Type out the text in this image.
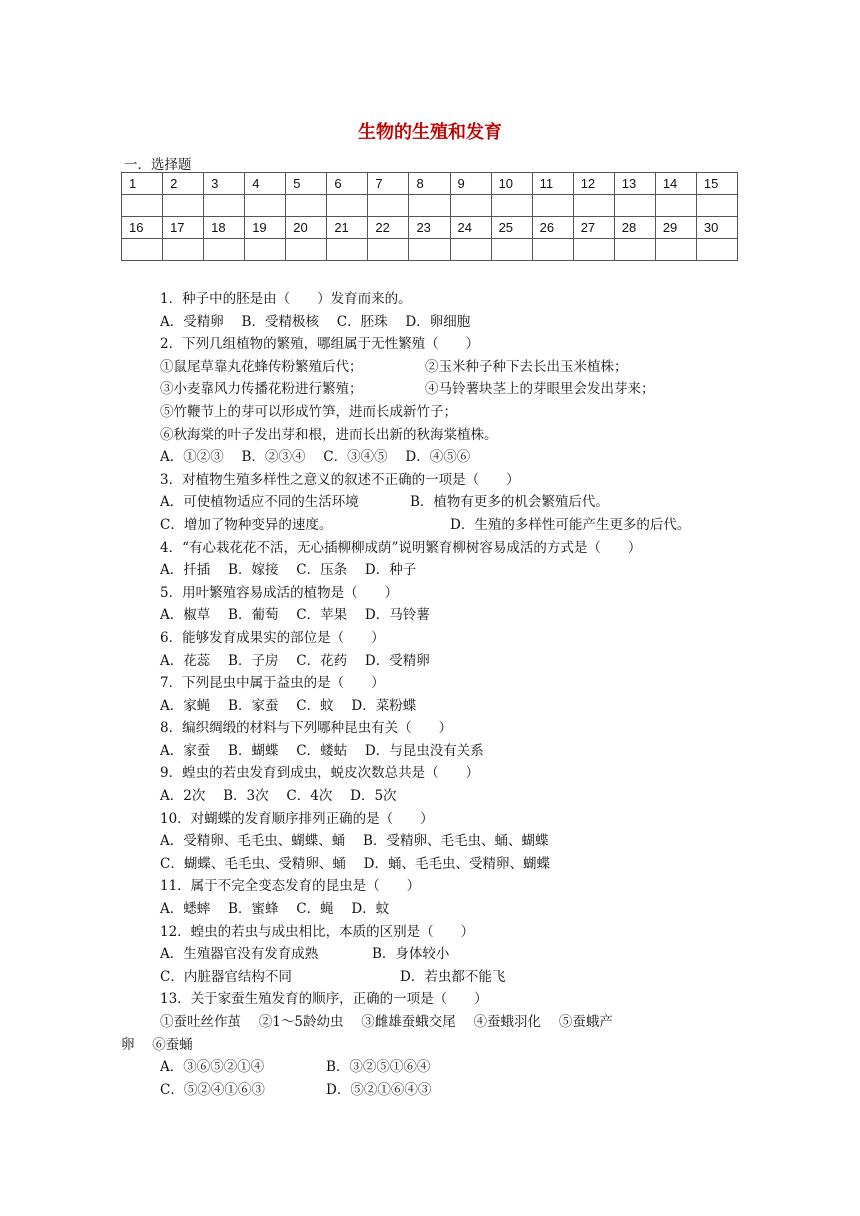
生物的生殖和发育
一．选择题
1	2	3	4	5	6	7	8	9	10	11	12	13	14	15

16	17	18	19	20	21	22	23	24	25	26	27	28	29	30

1．种子中的胚是由（　　）发育而来的。
A．受精卵　 B．受精极核　 C．胚珠　 D．卵细胞
2．下列几组植物的繁殖，哪组属于无性繁殖（　　）
①鼠尾草靠丸花蜂传粉繁殖后代；	②玉米种子种下去长出玉米植株；
③小麦靠风力传播花粉进行繁殖；	④马铃薯块茎上的芽眼里会发出芽来；
⑤竹鞭节上的芽可以形成竹笋，进而长成新竹子；
⑥秋海棠的叶子发出芽和根，进而长出新的秋海棠植株。
A．①②③　 B．②③④　 C．③④⑤　 D．④⑤⑥
3．对植物生殖多样性之意义的叙述不正确的一项是（　　）
A．可使植物适应不同的生活环境	B．植物有更多的机会繁殖后代。
C．增加了物种变异的速度。	D．生殖的多样性可能产生更多的后代。
4．“有心栽花花不活，无心插柳柳成荫”说明繁育柳树容易成活的方式是（　　）
A．扦插　 B．嫁接　 C．压条　 D．种子
5．用叶繁殖容易成活的植物是（　　）
A．椒草　 B．葡萄　 C．苹果　 D．马铃薯
6．能够发育成果实的部位是（　　）
A．花蕊　 B．子房　 C．花药　 D．受精卵
7．下列昆虫中属于益虫的是（　　）
A．家蝇　 B．家蚕　 C．蚊　 D．菜粉蝶
8．编织绸缎的材料与下列哪种昆虫有关（　　）
A．家蚕　 B．蝴蝶　 C．蝼蛄　 D．与昆虫没有关系
9．蝗虫的若虫发育到成虫，蜕皮次数总共是（　　）
A．2次　 B．3次　 C．4次　 D．5次
10．对蝴蝶的发育顺序排列正确的是（　　）
A．受精卵、毛毛虫、蝴蝶、蛹　 B．受精卵、毛毛虫、蛹、蝴蝶
C．蝴蝶、毛毛虫、受精卵、蛹　 D．蛹、毛毛虫、受精卵、蝴蝶
11．属于不完全变态发育的昆虫是（　　）
A．蟋蟀　 B．蜜蜂　 C．蝇　 D．蚊
12．蝗虫的若虫与成虫相比，本质的区别是（　　）
A．生殖器官没有发育成熟	B．身体较小
C．内脏器官结构不同	D．若虫都不能飞
13．关于家蚕生殖发育的顺序，正确的一项是（　　）
①蚕吐丝作茧　 ②1～5龄幼虫　 ③雌雄蚕蛾交尾　 ④蚕蛾羽化　 ⑤蚕蛾产
卵　 ⑥蚕蛹
A．③⑥⑤②①④	B．③②⑤①⑥④
C．⑤②④①⑥③	D．⑤②①⑥④③
